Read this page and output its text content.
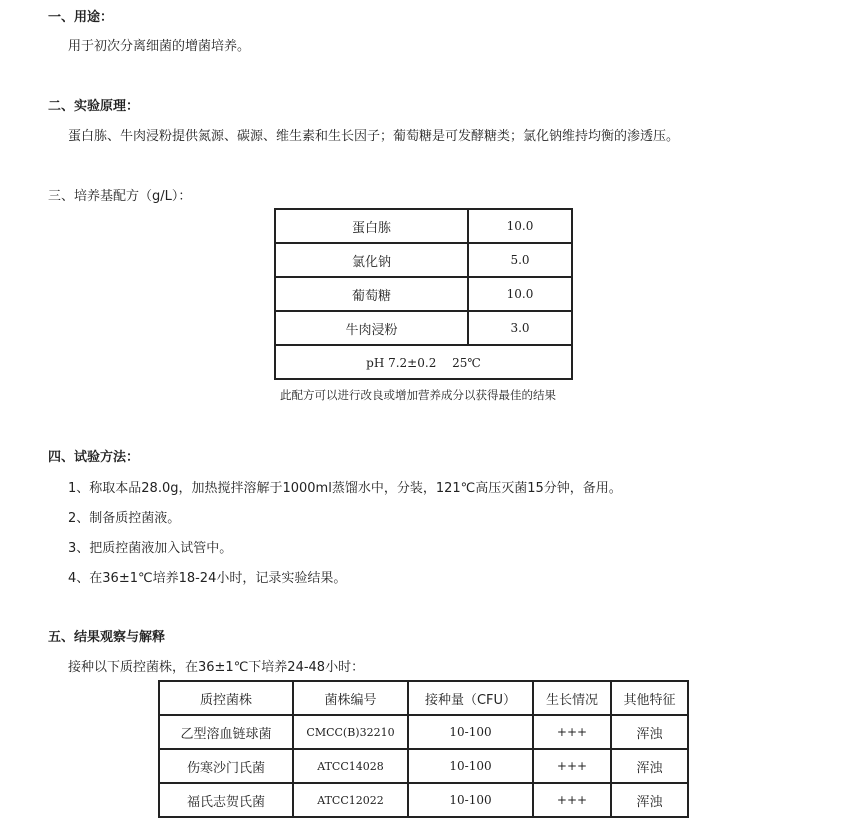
一、用途：
用于初次分离细菌的增菌培养。
二、实验原理：
蛋白胨、牛肉浸粉提供氮源、碳源、维生素和生长因子；葡萄糖是可发酵糖类；氯化钠维持均衡的渗透压。
三、培养基配方（g/L）：
蛋白胨	10.0
氯化钠	5.0
葡萄糖	10.0
牛肉浸粉	3.0
pH 7.2±0.2　 25℃	
此配方可以进行改良或增加营养成分以获得最佳的结果
四、试验方法：
1、称取本品28.0g，加热搅拌溶解于1000ml蒸馏水中，分装，121℃高压灭菌15分钟，备用。
2、制备质控菌液。
3、把质控菌液加入试管中。
4、在36±1℃培养18-24小时，记录实验结果。
五、结果观察与解释
接种以下质控菌株，在36±1℃下培养24-48小时：
质控菌株	菌株编号	接种量（CFU）	生长情况	其他特征
乙型溶血链球菌	CMCC(B)32210	10-100	+++	浑浊
伤寒沙门氏菌	ATCC14028	10-100	+++	浑浊
福氏志贺氏菌	ATCC12022	10-100	+++	浑浊
